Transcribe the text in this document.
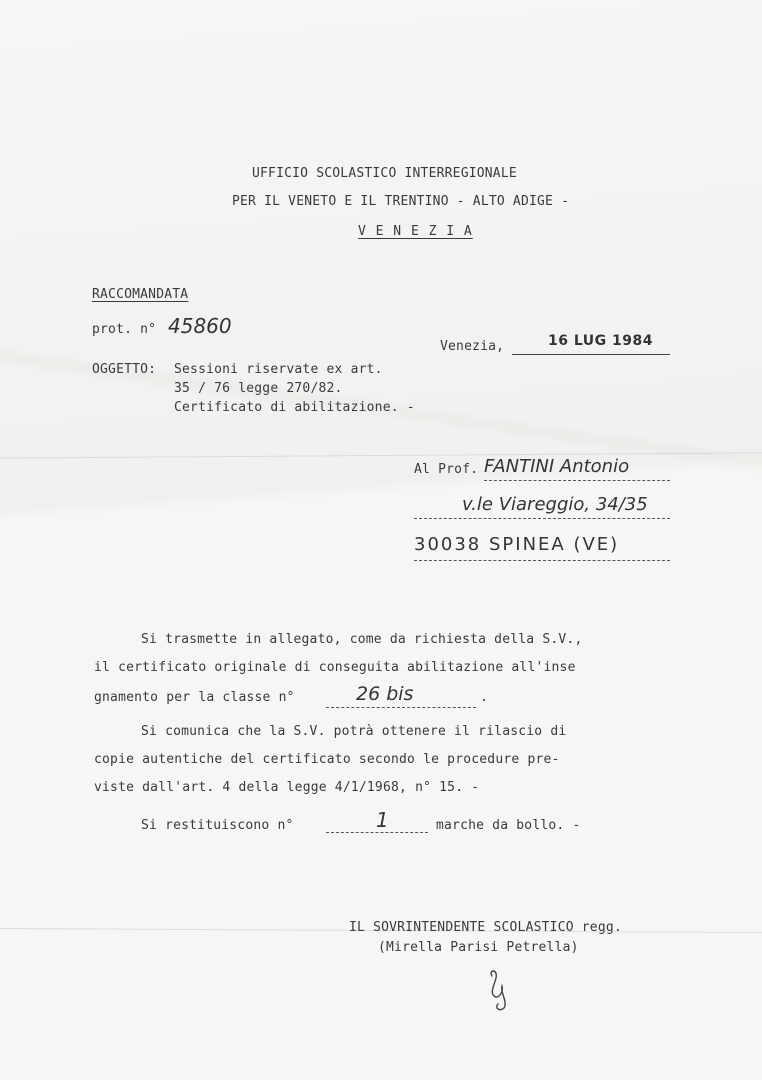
UFFICIO SCOLASTICO INTERREGIONALE
PER IL VENETO E IL TRENTINO - ALTO ADIGE -
V E N E Z I A
RACCOMANDATA
prot. n° 45860
Venezia,	16 LUG 1984
OGGETTO: Sessioni riservate ex art.
35 / 76 legge 270/82.
Certificato di abilitazione. -
Al Prof. FANTINI Antonio
v.le Viareggio, 34/35
30038 SPINEA (VE)
Si trasmette in allegato, come da richiesta della S.V.,
il certificato originale di conseguita abilitazione all'inse
gnamento per la classe n°	26 bis	.
Si comunica che la S.V. potrà ottenere il rilascio di
copie autentiche del certificato secondo le procedure pre-
viste dall'art. 4 della legge 4/1/1968, n° 15. -
Si restituiscono n°	1	marche da bollo. -
IL SOVRINTENDENTE SCOLASTICO regg.
(Mirella Parisi Petrella)
